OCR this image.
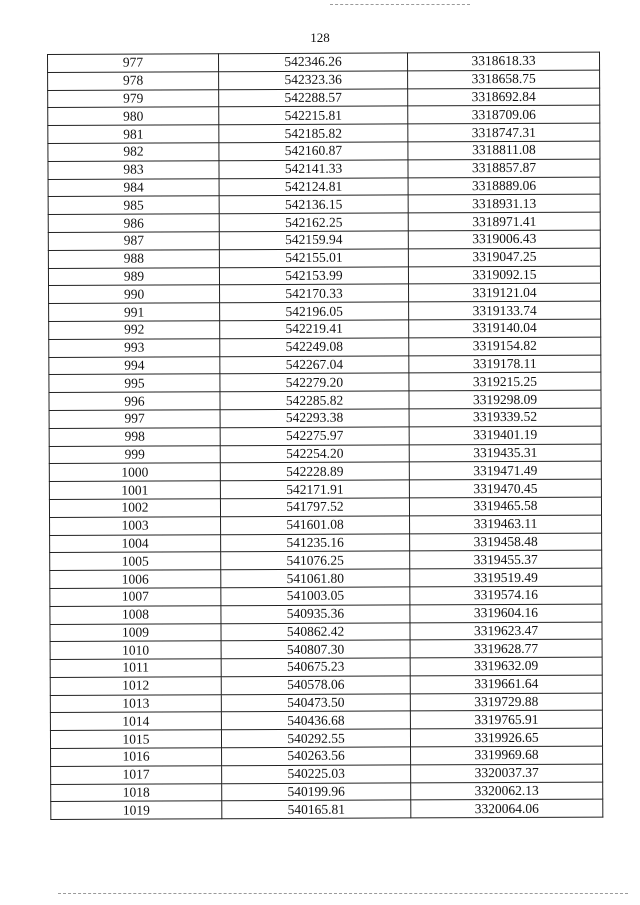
128
977	542346.26	3318618.33
978	542323.36	3318658.75
979	542288.57	3318692.84
980	542215.81	3318709.06
981	542185.82	3318747.31
982	542160.87	3318811.08
983	542141.33	3318857.87
984	542124.81	3318889.06
985	542136.15	3318931.13
986	542162.25	3318971.41
987	542159.94	3319006.43
988	542155.01	3319047.25
989	542153.99	3319092.15
990	542170.33	3319121.04
991	542196.05	3319133.74
992	542219.41	3319140.04
993	542249.08	3319154.82
994	542267.04	3319178.11
995	542279.20	3319215.25
996	542285.82	3319298.09
997	542293.38	3319339.52
998	542275.97	3319401.19
999	542254.20	3319435.31
1000	542228.89	3319471.49
1001	542171.91	3319470.45
1002	541797.52	3319465.58
1003	541601.08	3319463.11
1004	541235.16	3319458.48
1005	541076.25	3319455.37
1006	541061.80	3319519.49
1007	541003.05	3319574.16
1008	540935.36	3319604.16
1009	540862.42	3319623.47
1010	540807.30	3319628.77
1011	540675.23	3319632.09
1012	540578.06	3319661.64
1013	540473.50	3319729.88
1014	540436.68	3319765.91
1015	540292.55	3319926.65
1016	540263.56	3319969.68
1017	540225.03	3320037.37
1018	540199.96	3320062.13
1019	540165.81	3320064.06
